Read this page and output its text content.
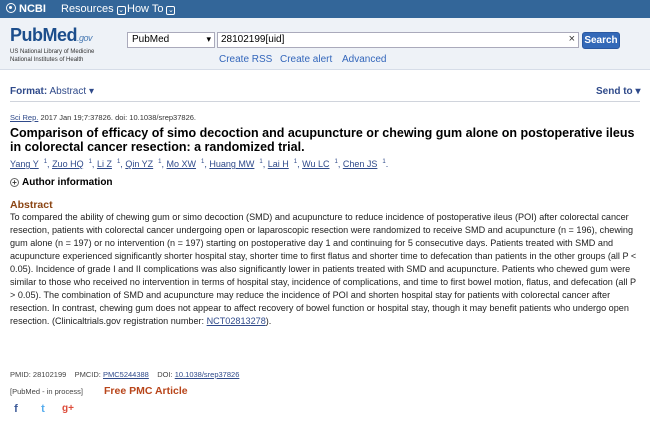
NCBI Resources ⌄ How To ⌄
PubMed.gov
US National Library of Medicine
National Institutes of Health
PubMed	▾	28102199[uid]	× Search
Create RSS Create alert Advanced
Format: Abstract ▾	Send to ▾
Sci Rep. 2017 Jan 19;7:37826. doi: 10.1038/srep37826.
Comparison of efficacy of simo decoction and acupuncture or chewing gum alone on postoperative ileus in colorectal cancer resection: a randomized trial.
Yang Y $^1$, Zuo HQ $^1$, Li Z $^1$, Qin YZ $^1$, Mo XW $^1$, Huang MW $^1$, Lai H $^1$, Wu LC $^1$, Chen JS $^1$.
+ Author information
Abstract
To compared the ability of chewing gum or simo decoction (SMD) and acupuncture to reduce incidence of postoperative ileus (POI) after colorectal cancer resection, patients with colorectal cancer undergoing open or laparoscopic resection were randomized to receive SMD and acupuncture (n = 196), chewing gum alone (n = 197) or no intervention (n = 197) starting on postoperative day 1 and continuing for 5 consecutive days. Patients treated with SMD and acupuncture experienced significantly shorter hospital stay, shorter time to first flatus and shorter time to defecation than patients in the other groups (all P < 0.05). Incidence of grade I and II complications was also significantly lower in patients treated with SMD and acupuncture. Patients who chewed gum were similar to those who received no intervention in terms of hospital stay, incidence of complications, and time to first bowel motion, flatus, and defecation (all P > 0.05). The combination of SMD and acupuncture may reduce the incidence of POI and shorten hospital stay for patients with colorectal cancer after resection. In contrast, chewing gum does not appear to affect recovery of bowel function or hospital stay, though it may benefit patients who undergo open resection. (Clinicaltrials.gov registration number: NCT02813278).
PMID: 28102199 PMCID: PMC5244388 DOI: 10.1038/srep37826
[PubMed - in process] Free PMC Article
f	t	g+
